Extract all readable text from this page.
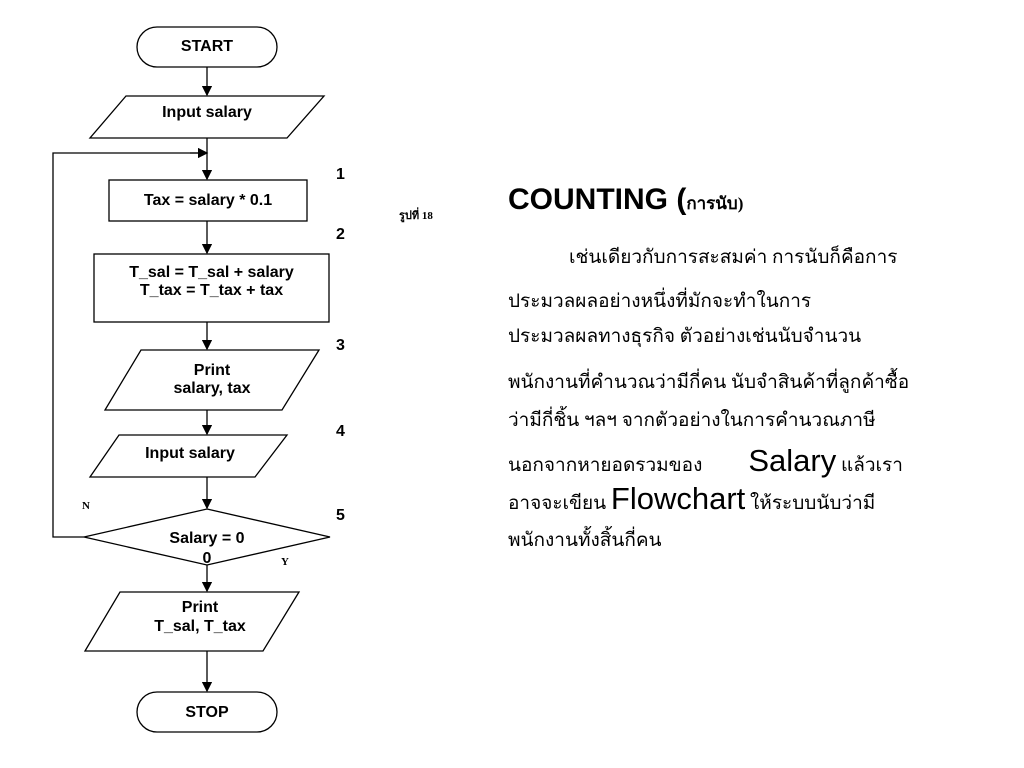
START
Input salary
Tax = salary * 0.1
T_sal = T_sal + salary
T_tax = T_tax + tax
Print
salary, tax
Input salary
Salary = 0
0
Print
T_sal, T_tax
STOP
1
2
3
4
5
N
Y
รูปที่ 18	COUNTING (การนับ)
เช่นเดียวกับการสะสมค่า การนับก็คือการ
ประมวลผลอย่างหนึ่งที่มักจะทำในการ
ประมวลผลทางธุรกิจ ตัวอย่างเช่นนับจำนวน
พนักงานที่คำนวณว่ามีกี่คน นับจำสินค้าที่ลูกค้าซื้อ
ว่ามีกี่ชิ้น ฯลฯ จากตัวอย่างในการคำนวณภาษี
นอกจากหายอดรวมของ Salary แล้วเรา
อาจจะเขียน Flowchart ให้ระบบนับว่ามี
พนักงานทั้งสิ้นกี่คน
